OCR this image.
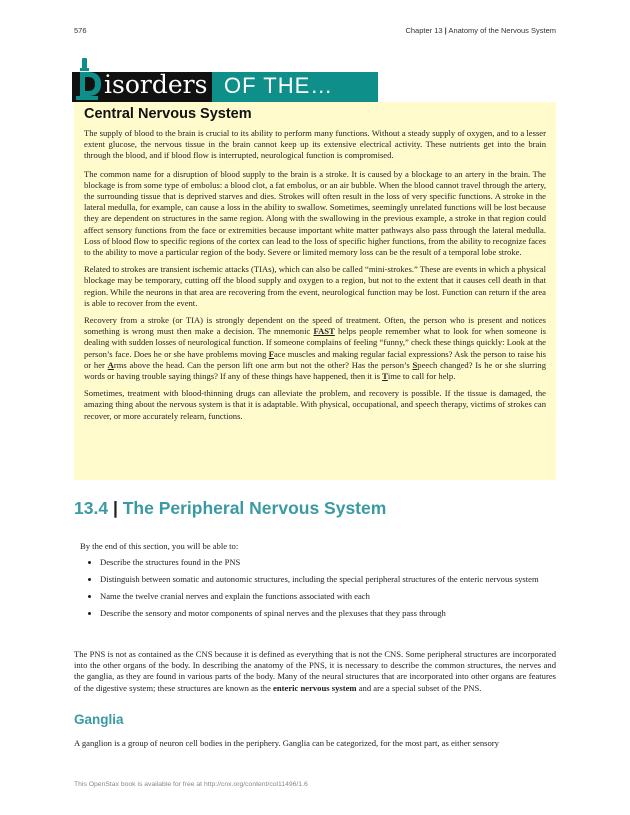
576	Chapter 13 | Anatomy of the Nervous System
isorders OF THE…
Central Nervous System

The supply of blood to the brain is crucial to its ability to perform many functions. Without a steady supply of oxygen, and to a lesser extent glucose, the nervous tissue in the brain cannot keep up its extensive electrical activity. These nutrients get into the brain through the blood, and if blood flow is interrupted, neurological function is compromised.

The common name for a disruption of blood supply to the brain is a stroke. It is caused by a blockage to an artery in the brain. The blockage is from some type of embolus: a blood clot, a fat embolus, or an air bubble. When the blood cannot travel through the artery, the surrounding tissue that is deprived starves and dies. Strokes will often result in the loss of very specific functions. A stroke in the lateral medulla, for example, can cause a loss in the ability to swallow. Sometimes, seemingly unrelated functions will be lost because they are dependent on structures in the same region. Along with the swallowing in the previous example, a stroke in that region could affect sensory functions from the face or extremities because important white matter pathways also pass through the lateral medulla. Loss of blood flow to specific regions of the cortex can lead to the loss of specific higher functions, from the ability to recognize faces to the ability to move a particular region of the body. Severe or limited memory loss can be the result of a temporal lobe stroke.

Related to strokes are transient ischemic attacks (TIAs), which can also be called “mini-strokes.” These are events in which a physical blockage may be temporary, cutting off the blood supply and oxygen to a region, but not to the extent that it causes cell death in that region. While the neurons in that area are recovering from the event, neurological function may be lost. Function can return if the area is able to recover from the event.

Recovery from a stroke (or TIA) is strongly dependent on the speed of treatment. Often, the person who is present and notices something is wrong must then make a decision. The mnemonic FAST helps people remember what to look for when someone is dealing with sudden losses of neurological function. If someone complains of feeling “funny,” check these things quickly: Look at the person’s face. Does he or she have problems moving Face muscles and making regular facial expressions? Ask the person to raise his or her Arms above the head. Can the person lift one arm but not the other? Has the person’s Speech changed? Is he or she slurring words or having trouble saying things? If any of these things have happened, then it is Time to call for help.

Sometimes, treatment with blood-thinning drugs can alleviate the problem, and recovery is possible. If the tissue is damaged, the amazing thing about the nervous system is that it is adaptable. With physical, occupational, and speech therapy, victims of strokes can recover, or more accurately relearn, functions.

13.4 | The Peripheral Nervous System

By the end of this section, you will be able to:

• Describe the structures found in the PNS
• Distinguish between somatic and autonomic structures, including the special peripheral structures of the enteric nervous system
• Name the twelve cranial nerves and explain the functions associated with each
• Describe the sensory and motor components of spinal nerves and the plexuses that they pass through

The PNS is not as contained as the CNS because it is defined as everything that is not the CNS. Some peripheral structures are incorporated into the other organs of the body. In describing the anatomy of the PNS, it is necessary to describe the common structures, the nerves and the ganglia, as they are found in various parts of the body. Many of the neural structures that are incorporated into other organs are features of the digestive system; these structures are known as the enteric nervous system and are a special subset of the PNS.

Ganglia

A ganglion is a group of neuron cell bodies in the periphery. Ganglia can be categorized, for the most part, as either sensory

This OpenStax book is available for free at http://cnx.org/content/col11496/1.6
